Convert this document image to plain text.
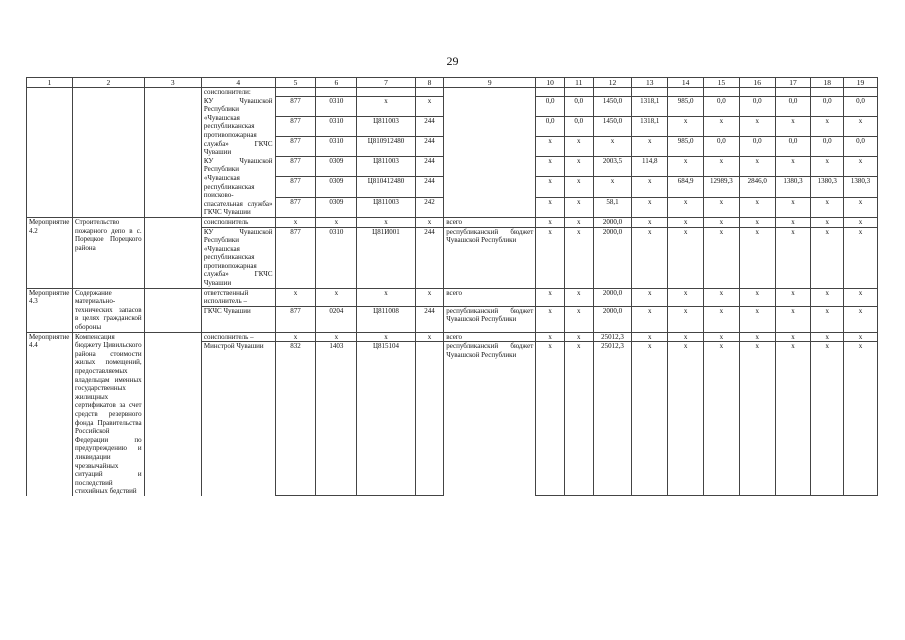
29
1	2	3	4	5	6	7	8	9	10	11	12	13	14	15	16	17	18	19
			соисполнители:															
			КУ Чувашской Республики «Чувашская республиканская противопожарная служба» ГКЧС Чувашии	877	0310	х	х		0,0	0,0	1450,0	1318,1	985,0	0,0	0,0	0,0	0,0	0,0
				877	0310	Ц811003	244		0,0	0,0	1450,0	1318,1	х	х	х	х	х	х
				877	0310	Ц810912480	244		х	х	х	х	985,0	0,0	0,0	0,0	0,0	0,0

			КУ Чувашской Республики «Чувашская республиканская поисково-спасательная служба» ГКЧС Чувашии	877	0309	Ц811003	244		х	х	2003,5	114,8	х	х	х	х	х	х
				877	0309	Ц810412480	244		х	х	х	х	684,9	12989,3	2846,0	1380,3	1380,3	1380,3
				877	0309	Ц811003	242		х	х	58,1	х	х	х	х	х	х	х

Мероприятие 4.2	Строительство пожарного депо в с. Порецкое Порецкого района		соисполнитель	х	х	х	х	всего	х	х	2000,0	х	х	х	х	х	х	х
			КУ Чувашской Республики «Чувашская республиканская противопожарная служба» ГКЧС Чувашии	877	0310	Ц81И001	244	республиканский бюджет Чувашской Республики	х	х	2000,0	х	х	х	х	х	х	х

Мероприятие 4.3	Содержание материально-технических запасов в целях гражданской обороны		ответственный исполнитель –	х	х	х	х	всего	х	х	2000,0	х	х	х	х	х	х	х
			ГКЧС Чувашии	877	0204	Ц811008	244	республиканский бюджет Чувашской Республики	х	х	2000,0	х	х	х	х	х	х	х

Мероприятие 4.4	Компенсация бюджету Цивильского района стоимости жилых помещений, предоставляемых владельцам именных государственных жилищных сертификатов за счет средств резервного фонда Правительства Российской Федерации по предупреждению и ликвидации чрезвычайных ситуаций и последствий стихийных бедствий		соисполнитель –	х	х	х	х	всего	х	х	25012,3	х	х	х	х	х	х	х
			Минстрой Чувашии	832	1403	Ц815104		республиканский бюджет Чувашской Республики	х	х	25012,3	х	х	х	х	х	х	х
